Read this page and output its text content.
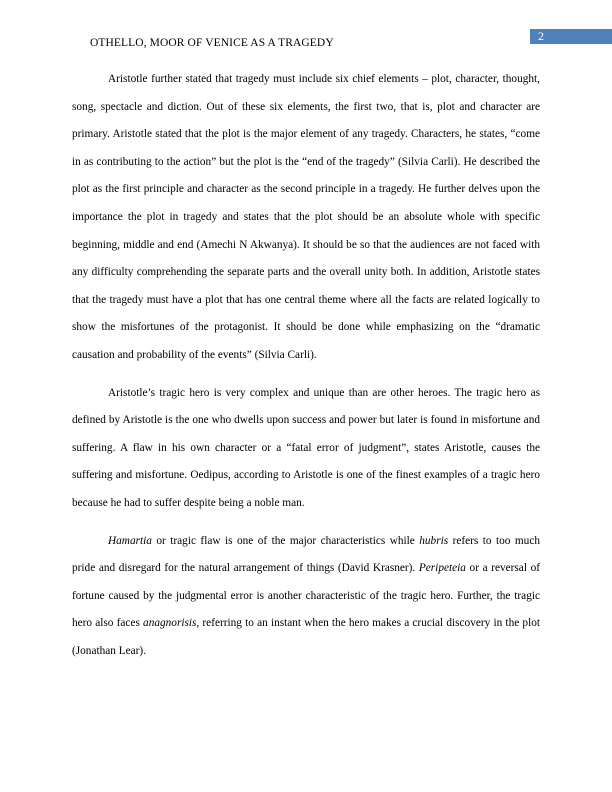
2
OTHELLO, MOOR OF VENICE AS A TRAGEDY

Aristotle further stated that tragedy must include six chief elements – plot, character, thought, song, spectacle and diction. Out of these six elements, the first two, that is, plot and character are primary. Aristotle stated that the plot is the major element of any tragedy. Characters, he states, “come in as contributing to the action” but the plot is the “end of the tragedy” (Silvia Carli). He described the plot as the first principle and character as the second principle in a tragedy. He further delves upon the importance the plot in tragedy and states that the plot should be an absolute whole with specific beginning, middle and end (Amechi N Akwanya). It should be so that the audiences are not faced with any difficulty comprehending the separate parts and the overall unity both. In addition, Aristotle states that the tragedy must have a plot that has one central theme where all the facts are related logically to show the misfortunes of the protagonist. It should be done while emphasizing on the “dramatic causation and probability of the events” (Silvia Carli).

Aristotle’s tragic hero is very complex and unique than are other heroes. The tragic hero as defined by Aristotle is the one who dwells upon success and power but later is found in misfortune and suffering. A flaw in his own character or a “fatal error of judgment”, states Aristotle, causes the suffering and misfortune. Oedipus, according to Aristotle is one of the finest examples of a tragic hero because he had to suffer despite being a noble man.

Hamartia or tragic flaw is one of the major characteristics while hubris refers to too much pride and disregard for the natural arrangement of things (David Krasner). Peripeteia or a reversal of fortune caused by the judgmental error is another characteristic of the tragic hero. Further, the tragic hero also faces anagnorisis, referring to an instant when the hero makes a crucial discovery in the plot (Jonathan Lear).
